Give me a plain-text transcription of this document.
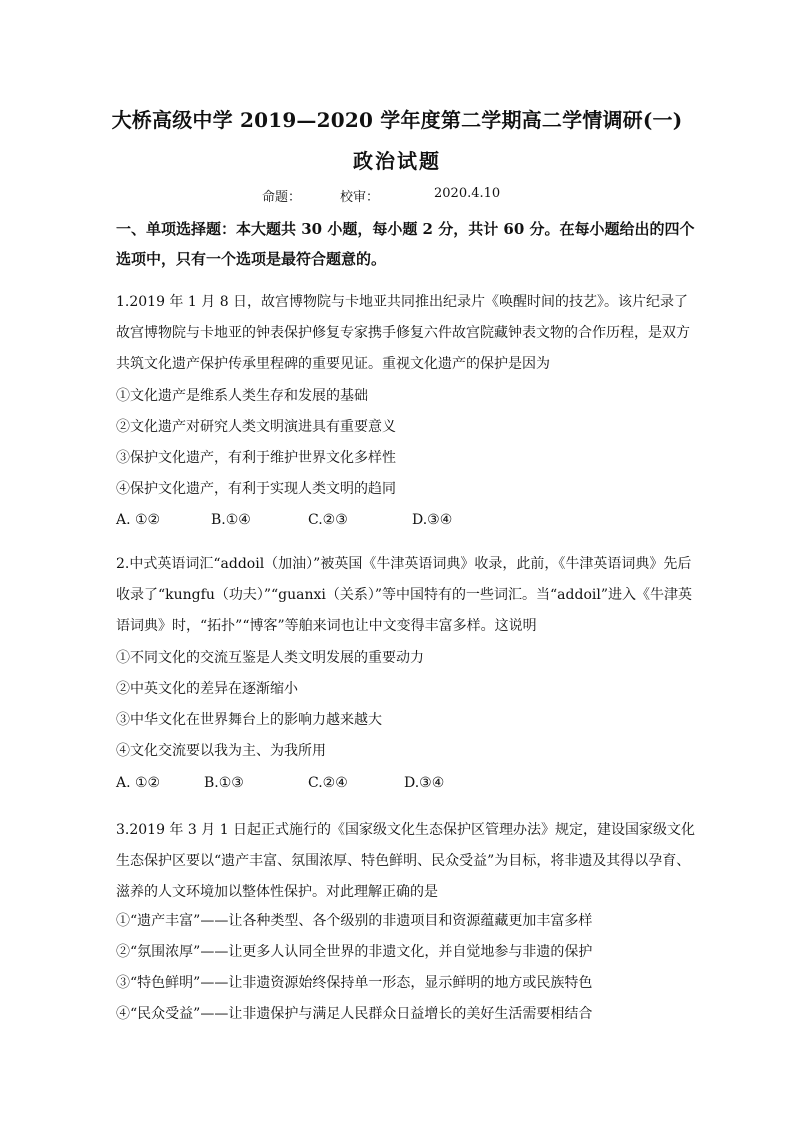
大桥高级中学 2019—2020 学年度第二学期高二学情调研(一)
政治试题
命题：	校审：	2020.4.10
一、单项选择题：本大题共 30 小题，每小题 2 分，共计 60 分。在每小题给出的四个选项中，只有一个选项是最符合题意的。
1.2019 年 1 月 8 日，故宫博物院与卡地亚共同推出纪录片《唤醒时间的技艺》。该片纪录了故宫博物院与卡地亚的钟表保护修复专家携手修复六件故宫院藏钟表文物的合作历程，是双方共筑文化遗产保护传承里程碑的重要见证。重视文化遗产的保护是因为
①文化遗产是维系人类生存和发展的基础
②文化遗产对研究人类文明演进具有重要意义
③保护文化遗产，有利于维护世界文化多样性
④保护文化遗产，有利于实现人类文明的趋同
A. ①②	B.①④	C.②③	D.③④
2.中式英语词汇“addoil（加油）”被英国《牛津英语词典》收录，此前，《牛津英语词典》先后收录了“kungfu（功夫）”“guanxi（关系）”等中国特有的一些词汇。当“addoil”进入《牛津英语词典》时，“拓扑”“博客”等舶来词也让中文变得丰富多样。这说明
①不同文化的交流互鉴是人类文明发展的重要动力
②中英文化的差异在逐渐缩小
③中华文化在世界舞台上的影响力越来越大
④文化交流要以我为主、为我所用
A. ①②	B.①③	C.②④	D.③④
3.2019 年 3 月 1 日起正式施行的《国家级文化生态保护区管理办法》规定，建设国家级文化生态保护区要以“遗产丰富、氛围浓厚、特色鲜明、民众受益”为目标，将非遗及其得以孕育、滋养的人文环境加以整体性保护。对此理解正确的是
①“遗产丰富”——让各种类型、各个级别的非遗项目和资源蕴藏更加丰富多样
②“氛围浓厚”——让更多人认同全世界的非遗文化，并自觉地参与非遗的保护
③“特色鲜明”——让非遗资源始终保持单一形态，显示鲜明的地方或民族特色
④“民众受益”——让非遗保护与满足人民群众日益增长的美好生活需要相结合
